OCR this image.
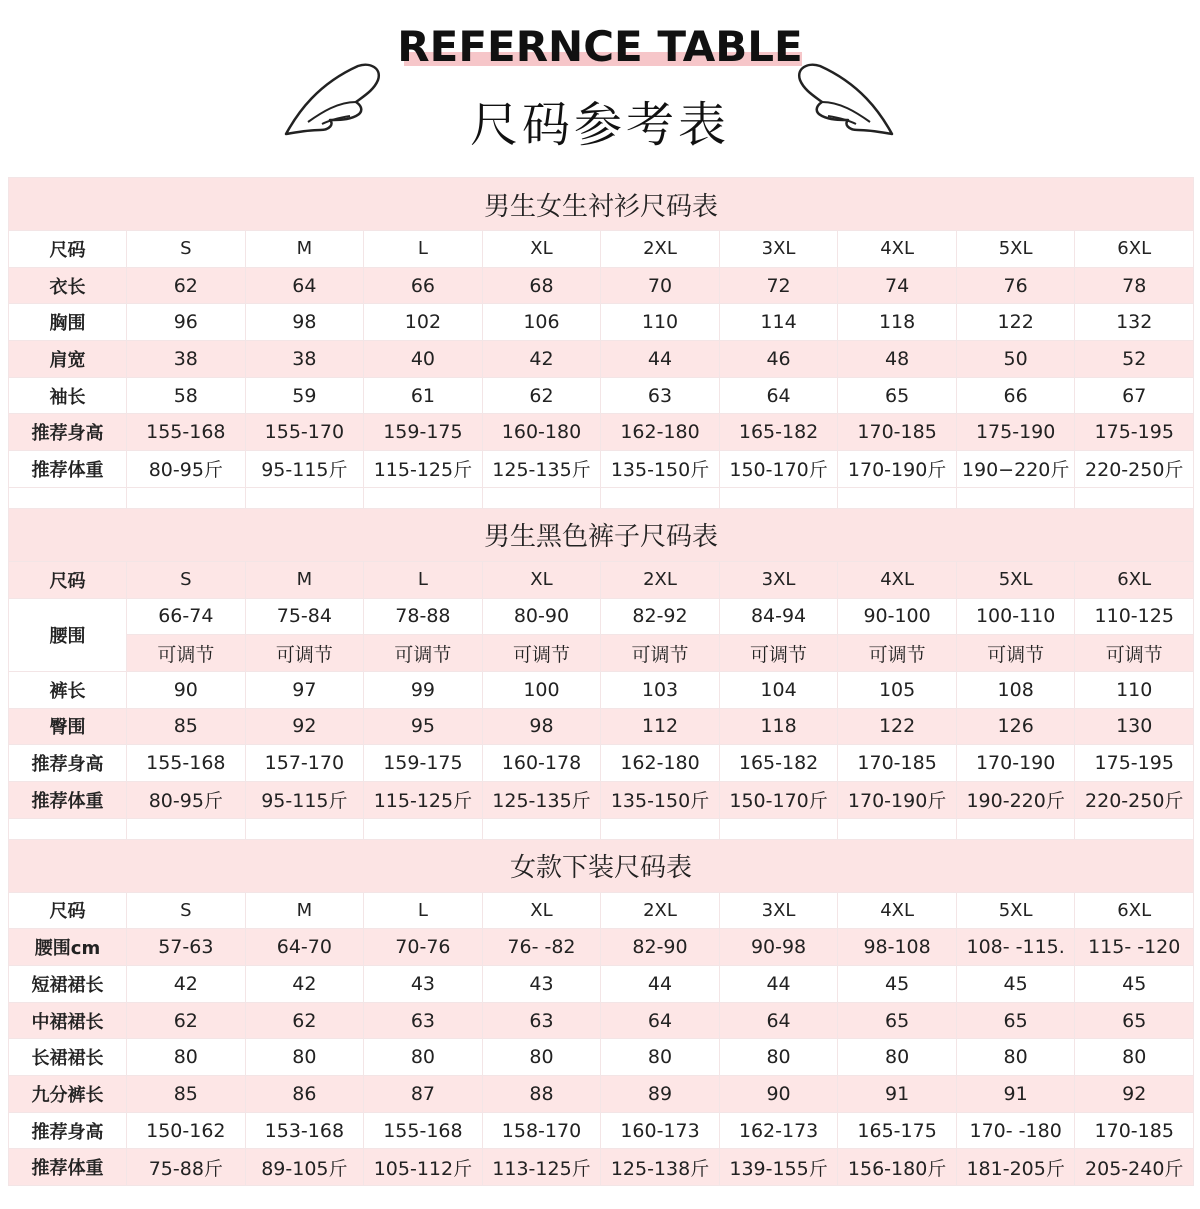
REFERNCE TABLE
尺码参考表
男生女生衬衫尺码表									
尺码	S	M	L	XL	2XL	3XL	4XL	5XL	6XL
衣长	62	64	66	68	70	72	74	76	78
胸围	96	98	102	106	110	114	118	122	132
肩宽	38	38	40	42	44	46	48	50	52
袖长	58	59	61	62	63	64	65	66	67
推荐身高	155-168	155-170	159-175	160-180	162-180	165-182	170-185	175-190	175-195
推荐体重	80-95斤	95-115斤	115-125斤	125-135斤	135-150斤	150-170斤	170-190斤	190−220斤	220-250斤

男生黑色裤子尺码表									
尺码	S	M	L	XL	2XL	3XL	4XL	5XL	6XL
腰围	66-74	75-84	78-88	80-90	82-92	84-94	90-100	100-110	110-125
	可调节	可调节	可调节	可调节	可调节	可调节	可调节	可调节	可调节
裤长	90	97	99	100	103	104	105	108	110
臀围	85	92	95	98	112	118	122	126	130
推荐身高	155-168	157-170	159-175	160-178	162-180	165-182	170-185	170-190	175-195
推荐体重	80-95斤	95-115斤	115-125斤	125-135斤	135-150斤	150-170斤	170-190斤	190-220斤	220-250斤

女款下装尺码表									
尺码	S	M	L	XL	2XL	3XL	4XL	5XL	6XL
腰围cm	57-63	64-70	70-76	76- -82	82-90	90-98	98-108	108- -115.	115- -120
短裙裙长	42	42	43	43	44	44	45	45	45
中裙裙长	62	62	63	63	64	64	65	65	65
长裙裙长	80	80	80	80	80	80	80	80	80
九分裤长	85	86	87	88	89	90	91	91	92
推荐身高	150-162	153-168	155-168	158-170	160-173	162-173	165-175	170- -180	170-185
推荐体重	75-88斤	89-105斤	105-112斤	113-125斤	125-138斤	139-155斤	156-180斤	181-205斤	205-240斤
